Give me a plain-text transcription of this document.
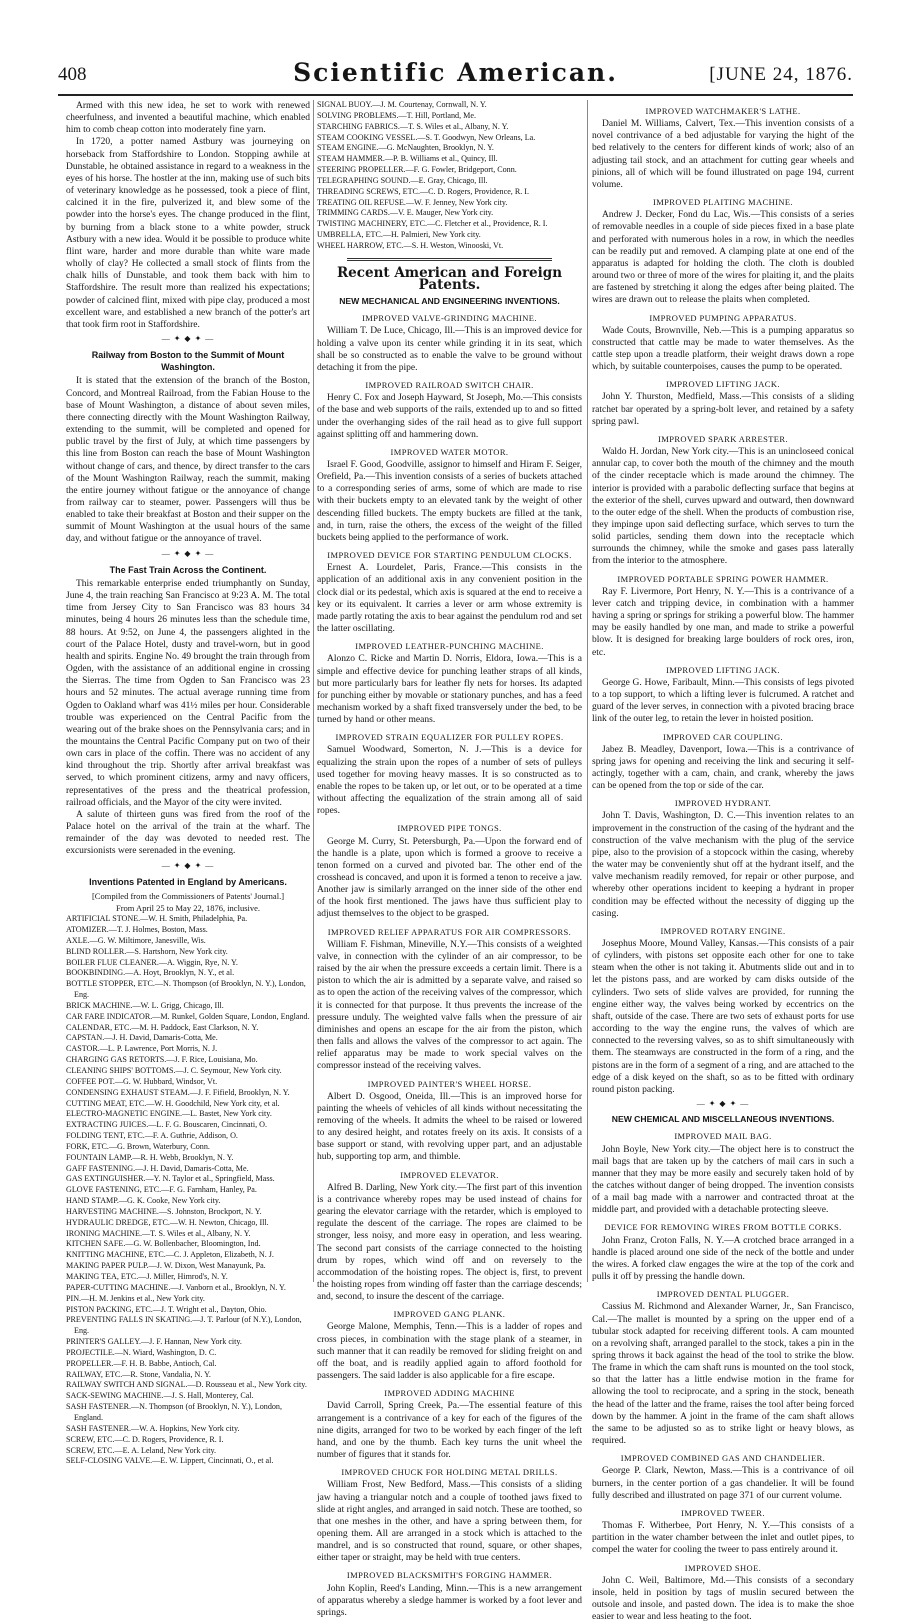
408	Scientific American.	[JUNE 24, 1876.

Armed with this new idea, he set to work with renewed cheerfulness, and invented a beautiful machine, which enabled him to comb cheap cotton into moderately fine yarn.

In 1720, a potter named Astbury was journeying on horseback from Staffordshire to London. Stopping awhile at Dunstable, he obtained assistance in regard to a weakness in the eyes of his horse. The hostler at the inn, making use of such bits of veterinary knowledge as he possessed, took a piece of flint, calcined it in the fire, pulverized it, and blew some of the powder into the horse's eyes. The change produced in the flint, by burning from a black stone to a white powder, struck Astbury with a new idea. Would it be possible to produce white flint ware, harder and more durable than white ware made wholly of clay? He collected a small stock of flints from the chalk hills of Dunstable, and took them back with him to Staffordshire. The result more than realized his expectations; powder of calcined flint, mixed with pipe clay, produced a most excellent ware, and established a new branch of the potter's art that took firm root in Staffordshire.

— ✦ ◆ ✦ —
Railway from Boston to the Summit of Mount Washington.

It is stated that the extension of the branch of the Boston, Concord, and Montreal Railroad, from the Fabian House to the base of Mount Washington, a distance of about seven miles, there connecting directly with the Mount Washington Railway, extending to the summit, will be completed and opened for public travel by the first of July, at which time passengers by this line from Boston can reach the base of Mount Washington without change of cars, and thence, by direct transfer to the cars of the Mount Washington Railway, reach the summit, making the entire journey without fatigue or the annoyance of change from railway car to steamer, power. Passengers will thus be enabled to take their breakfast at Boston and their supper on the summit of Mount Washington at the usual hours of the same day, and without fatigue or the annoyance of travel.

— ✦ ◆ ✦ —
The Fast Train Across the Continent.

This remarkable enterprise ended triumphantly on Sunday, June 4, the train reaching San Francisco at 9:23 A. M. The total time from Jersey City to San Francisco was 83 hours 34 minutes, being 4 hours 26 minutes less than the schedule time, 88 hours. At 9:52, on June 4, the passengers alighted in the court of the Palace Hotel, dusty and travel-worn, but in good health and spirits. Engine No. 49 brought the train through from Ogden, with the assistance of an additional engine in crossing the Sierras. The time from Ogden to San Francisco was 23 hours and 52 minutes. The actual average running time from Ogden to Oakland wharf was 41½ miles per hour. Considerable trouble was experienced on the Central Pacific from the wearing out of the brake shoes on the Pennsylvania cars; and in the mountains the Central Pacific Company put on two of their own cars in place of the coffin. There was no accident of any kind throughout the trip. Shortly after arrival breakfast was served, to which prominent citizens, army and navy officers, representatives of the press and the theatrical profession, railroad officials, and the Mayor of the city were invited.

A salute of thirteen guns was fired from the roof of the Palace hotel on the arrival of the train at the wharf. The remainder of the day was devoted to needed rest. The excursionists were serenaded in the evening.

— ✦ ◆ ✦ —
Inventions Patented in England by Americans.
[Compiled from the Commissioners of Patents' Journal.]
From April 25 to May 22, 1876, inclusive.
ARTIFICIAL STONE.—W. H. Smith, Philadelphia, Pa.
ATOMIZER.—T. J. Holmes, Boston, Mass.
AXLE.—G. W. Miltimore, Janesville, Wis.
BLIND ROLLER.—S. Hartshorn, New York city.
BOILER FLUE CLEANER.—A. Wiggin, Rye, N. Y.
BOOKBINDING.—A. Hoyt, Brooklyn, N. Y., et al.
BOTTLE STOPPER, ETC.—N. Thompson (of Brooklyn, N. Y.), London, Eng.
BRICK MACHINE.—W. L. Grigg, Chicago, Ill.
CAR FARE INDICATOR.—M. Runkel, Golden Square, London, England.
CALENDAR, ETC.—M. H. Paddock, East Clarkson, N. Y.
CAPSTAN.—J. H. David, Damaris-Cotta, Me.
CASTOR.—L. P. Lawrence, Port Morris, N. J.
CHARGING GAS RETORTS.—J. F. Rice, Louisiana, Mo.
CLEANING SHIPS' BOTTOMS.—J. C. Seymour, New York city.
COFFEE POT.—G. W. Hubbard, Windsor, Vt.
CONDENSING EXHAUST STEAM.—J. F. Fifield, Brooklyn, N. Y.
CUTTING MEAT, ETC.—W. H. Goodchild, New York city, et al.
ELECTRO-MAGNETIC ENGINE.—L. Bastet, New York city.
EXTRACTING JUICES.—L. F. G. Bouscaren, Cincinnati, O.
FOLDING TENT, ETC.—F. A. Guthrie, Addison, O.
FORK, ETC.—G. Brown, Waterbury, Conn.
FOUNTAIN LAMP.—R. H. Webb, Brooklyn, N. Y.
GAFF FASTENING.—J. H. David, Damaris-Cotta, Me.
GAS EXTINGUISHER.—Y. N. Taylor et al., Springfield, Mass.
GLOVE FASTENING, ETC.—F. G. Farnham, Hanley, Pa.
HAND STAMP.—G. K. Cooke, New York city.
HARVESTING MACHINE.—S. Johnston, Brockport, N. Y.
HYDRAULIC DREDGE, ETC.—W. H. Newton, Chicago, Ill.
IRONING MACHINE.—T. S. Wiles et al., Albany, N. Y.
KITCHEN SAFE.—G. W. Bollenbacher, Bloomington, Ind.
KNITTING MACHINE, ETC.—C. J. Appleton, Elizabeth, N. J.
MAKING PAPER PULP.—J. W. Dixon, West Manayunk, Pa.
MAKING TEA, ETC.—J. Miller, Himrod's, N. Y.
PAPER-CUTTING MACHINE.—J. Vanborn et al., Brooklyn, N. Y.
PIN.—H. M. Jenkins et al., New York city.
PISTON PACKING, ETC.—J. T. Wright et al., Dayton, Ohio.
PREVENTING FALLS IN SKATING.—J. T. Parlour (of N.Y.), London, Eng.
PRINTER'S GALLEY.—J. F. Hannan, New York city.
PROJECTILE.—N. Wiard, Washington, D. C.
PROPELLER.—F. H. B. Babbe, Antioch, Cal.
RAILWAY, ETC.—R. Stone, Vandalia, N. Y.
RAILWAY SWITCH AND SIGNAL.—D. Rousseau et al., New York city.
SACK-SEWING MACHINE.—J. S. Hall, Monterey, Cal.
SASH FASTENER.—N. Thompson (of Brooklyn, N. Y.), London, England.
SASH FASTENER.—W. A. Hopkins, New York city.
SCREW, ETC.—C. D. Rogers, Providence, R. I.
SCREW, ETC.—E. A. Leland, New York city.
SELF-CLOSING VALVE.—E. W. Lippert, Cincinnati, O., et al.
SIGNAL BUOY.—J. M. Courtenay, Cornwall, N. Y.
SOLVING PROBLEMS.—T. Hill, Portland, Me.
STARCHING FABRICS.—T. S. Wiles et al., Albany, N. Y.
STEAM COOKING VESSEL.—S. T. Goodwyn, New Orleans, La.
STEAM ENGINE.—G. McNaughten, Brooklyn, N. Y.
STEAM HAMMER.—P. B. Williams et al., Quincy, Ill.
STEERING PROPELLER.—F. G. Fowler, Bridgeport, Conn.
TELEGRAPHING SOUND.—E. Gray, Chicago, Ill.
THREADING SCREWS, ETC.—C. D. Rogers, Providence, R. I.
TREATING OIL REFUSE.—W. F. Jenney, New York city.
TRIMMING CARDS.—V. E. Mauger, New York city.
TWISTING MACHINERY, ETC.—C. Fletcher et al., Providence, R. I.
UMBRELLA, ETC.—H. Palmieri, New York city.
WHEEL HARROW, ETC.—S. H. Weston, Winooski, Vt.
Recent American and Foreign Patents.
NEW MECHANICAL AND ENGINEERING INVENTIONS.
IMPROVED VALVE-GRINDING MACHINE.

William T. De Luce, Chicago, Ill.—This is an improved device for holding a valve upon its center while grinding it in its seat, which shall be so constructed as to enable the valve to be ground without detaching it from the pipe.

IMPROVED RAILROAD SWITCH CHAIR.

Henry C. Fox and Joseph Hayward, St Joseph, Mo.—This consists of the base and web supports of the rails, extended up to and so fitted under the overhanging sides of the rail head as to give full support against splitting off and hammering down.

IMPROVED WATER MOTOR.

Israel F. Good, Goodville, assignor to himself and Hiram F. Seiger, Orefield, Pa.—This invention consists of a series of buckets attached to a corresponding series of arms, some of which are made to rise with their buckets empty to an elevated tank by the weight of other descending filled buckets. The empty buckets are filled at the tank, and, in turn, raise the others, the excess of the weight of the filled buckets being applied to the performance of work.

IMPROVED DEVICE FOR STARTING PENDULUM CLOCKS.

Ernest A. Lourdelet, Paris, France.—This consists in the application of an additional axis in any convenient position in the clock dial or its pedestal, which axis is squared at the end to receive a key or its equivalent. It carries a lever or arm whose extremity is made partly rotating the axis to bear against the pendulum rod and set the latter oscillating.

IMPROVED LEATHER-PUNCHING MACHINE.

Alonzo C. Ricke and Martin D. Norris, Eldora, Iowa.—This is a simple and effective device for punching leather straps of all kinds, but more particularly bars for leather fly nets for horses. Its adapted for punching either by movable or stationary punches, and has a feed mechanism worked by a shaft fixed transversely under the bed, to be turned by hand or other means.

IMPROVED STRAIN EQUALIZER FOR PULLEY ROPES.

Samuel Woodward, Somerton, N. J.—This is a device for equalizing the strain upon the ropes of a number of sets of pulleys used together for moving heavy masses. It is so constructed as to enable the ropes to be taken up, or let out, or to be operated at a time without affecting the equalization of the strain among all of said ropes.

IMPROVED PIPE TONGS.

George M. Curry, St. Petersburgh, Pa.—Upon the forward end of the handle is a plate, upon which is formed a groove to receive a tenon formed on a curved and pivoted bar. The other end of the crosshead is concaved, and upon it is formed a tenon to receive a jaw. Another jaw is similarly arranged on the inner side of the other end of the hook first mentioned. The jaws have thus sufficient play to adjust themselves to the object to be grasped.

IMPROVED RELIEF APPARATUS FOR AIR COMPRESSORS.

William F. Fishman, Mineville, N.Y.—This consists of a weighted valve, in connection with the cylinder of an air compressor, to be raised by the air when the pressure exceeds a certain limit. There is a piston to which the air is admitted by a separate valve, and raised so as to open the action of the receiving valves of the compressor, which it is connected for that purpose. It thus prevents the increase of the pressure unduly. The weighted valve falls when the pressure of air diminishes and opens an escape for the air from the piston, which then falls and allows the valves of the compressor to act again. The relief apparatus may be made to work special valves on the compressor instead of the receiving valves.

IMPROVED PAINTER'S WHEEL HORSE.

Albert D. Osgood, Oneida, Ill.—This is an improved horse for painting the wheels of vehicles of all kinds without necessitating the removing of the wheels. It admits the wheel to be raised or lowered to any desired height, and rotates freely on its axis. It consists of a base support or stand, with revolving upper part, and an adjustable hub, supporting top arm, and thimble.

IMPROVED ELEVATOR.

Alfred B. Darling, New York city.—The first part of this invention is a contrivance whereby ropes may be used instead of chains for gearing the elevator carriage with the retarder, which is employed to regulate the descent of the carriage. The ropes are claimed to be stronger, less noisy, and more easy in operation, and less wearing. The second part consists of the carriage connected to the hoisting drum by ropes, which wind off and on reversely to the accommodation of the hoisting ropes. The object is, first, to prevent the hoisting ropes from winding off faster than the carriage descends; and, second, to insure the descent of the carriage.

IMPROVED GANG PLANK.

George Malone, Memphis, Tenn.—This is a ladder of ropes and cross pieces, in combination with the stage plank of a steamer, in such manner that it can readily be removed for sliding freight on and off the boat, and is readily applied again to afford foothold for passengers. The said ladder is also applicable for a fire escape.

IMPROVED ADDING MACHINE

David Carroll, Spring Creek, Pa.—The essential feature of this arrangement is a contrivance of a key for each of the figures of the nine digits, arranged for two to be worked by each finger of the left hand, and one by the thumb. Each key turns the unit wheel the number of figures that it stands for.

IMPROVED CHUCK FOR HOLDING METAL DRILLS.

William Frost, New Bedford, Mass.—This consists of a sliding jaw having a triangular notch and a couple of toothed jaws fixed to slide at right angles, and arranged in said notch. These are toothed, so that one meshes in the other, and have a spring between them, for opening them. All are arranged in a stock which is attached to the mandrel, and is so constructed that round, square, or other shapes, either taper or straight, may be held with true centers.

IMPROVED BLACKSMITH'S FORGING HAMMER.

John Koplin, Reed's Landing, Minn.—This is a new arrangement of apparatus whereby a sledge hammer is worked by a foot lever and springs.

IMPROVED WATCHMAKER'S LATHE.

Daniel M. Williams, Calvert, Tex.—This invention consists of a novel contrivance of a bed adjustable for varying the hight of the bed relatively to the centers for different kinds of work; also of an adjusting tail stock, and an attachment for cutting gear wheels and pinions, all of which will be found illustrated on page 194, current volume.

IMPROVED PLAITING MACHINE.

Andrew J. Decker, Fond du Lac, Wis.—This consists of a series of removable needles in a couple of side pieces fixed in a base plate and perforated with numerous holes in a row, in which the needles can be readily put and removed. A clamping plate at one end of the apparatus is adapted for holding the cloth. The cloth is doubled around two or three of more of the wires for plaiting it, and the plaits are fastened by stretching it along the edges after being plaited. The wires are drawn out to release the plaits when completed.

IMPROVED PUMPING APPARATUS.

Wade Couts, Brownville, Neb.—This is a pumping apparatus so constructed that cattle may be made to water themselves. As the cattle step upon a treadle platform, their weight draws down a rope which, by suitable counterpoises, causes the pump to be operated.

IMPROVED LIFTING JACK.

John Y. Thurston, Medfield, Mass.—This consists of a sliding ratchet bar operated by a spring-bolt lever, and retained by a safety spring pawl.

IMPROVED SPARK ARRESTER.

Waldo H. Jordan, New York city.—This is an unincloseed conical annular cap, to cover both the mouth of the chimney and the mouth of the cinder receptacle which is made around the chimney. The interior is provided with a parabolic deflecting surface that begins at the exterior of the shell, curves upward and outward, then downward to the outer edge of the shell. When the products of combustion rise, they impinge upon said deflecting surface, which serves to turn the solid particles, sending them down into the receptacle which surrounds the chimney, while the smoke and gases pass laterally from the interior to the atmosphere.

IMPROVED PORTABLE SPRING POWER HAMMER.

Ray F. Livermore, Port Henry, N. Y.—This is a contrivance of a lever catch and tripping device, in combination with a hammer having a spring or springs for striking a powerful blow. The hammer may be easily handled by one man, and made to strike a powerful blow. It is designed for breaking large boulders of rock ores, iron, etc.

IMPROVED LIFTING JACK.

George G. Howe, Faribault, Minn.—This consists of legs pivoted to a top support, to which a lifting lever is fulcrumed. A ratchet and guard of the lever serves, in connection with a pivoted bracing brace link of the outer leg, to retain the lever in hoisted position.

IMPROVED CAR COUPLING.

Jabez B. Meadley, Davenport, Iowa.—This is a contrivance of spring jaws for opening and receiving the link and securing it self-actingly, together with a cam, chain, and crank, whereby the jaws can be opened from the top or side of the car.

IMPROVED HYDRANT.

John T. Davis, Washington, D. C.—This invention relates to an improvement in the construction of the casing of the hydrant and the construction of the valve mechanism with the plug of the service pipe, also to the provision of a stopcock within the casing, whereby the water may be conveniently shut off at the hydrant itself, and the valve mechanism readily removed, for repair or other purpose, and whereby other operations incident to keeping a hydrant in proper condition may be effected without the necessity of digging up the casing.

IMPROVED ROTARY ENGINE.

Josephus Moore, Mound Valley, Kansas.—This consists of a pair of cylinders, with pistons set opposite each other for one to take steam when the other is not taking it. Abutments slide out and in to let the pistons pass, and are worked by cam disks outside of the cylinders. Two sets of slide valves are provided, for running the engine either way, the valves being worked by eccentrics on the shaft, outside of the case. There are two sets of exhaust ports for use according to the way the engine runs, the valves of which are connected to the reversing valves, so as to shift simultaneously with them. The steamways are constructed in the form of a ring, and the pistons are in the form of a segment of a ring, and are attached to the edge of a disk keyed on the shaft, so as to be fitted with ordinary round piston packing.

— ✦ ◆ ✦ —
NEW CHEMICAL AND MISCELLANEOUS INVENTIONS.
IMPROVED MAIL BAG.

John Boyle, New York city.—The object here is to construct the mail bags that are taken up by the catchers of mail cars in such a manner that they may be more easily and securely taken hold of by the catches without danger of being dropped. The invention consists of a mail bag made with a narrower and contracted throat at the middle part, and provided with a detachable protecting sleeve.

DEVICE FOR REMOVING WIRES FROM BOTTLE CORKS.

John Franz, Croton Falls, N. Y.—A crotched brace arranged in a handle is placed around one side of the neck of the bottle and under the wires. A forked claw engages the wire at the top of the cork and pulls it off by pressing the handle down.

IMPROVED DENTAL PLUGGER.

Cassius M. Richmond and Alexander Warner, Jr., San Francisco, Cal.—The mallet is mounted by a spring on the upper end of a tubular stock adapted for receiving different tools. A cam mounted on a revolving shaft, arranged parallel to the stock, takes a pin in the spring throws it back against the head of the tool to strike the blow. The frame in which the cam shaft runs is mounted on the tool stock, so that the latter has a little endwise motion in the frame for allowing the tool to reciprocate, and a spring in the stock, beneath the head of the latter and the frame, raises the tool after being forced down by the hammer. A joint in the frame of the cam shaft allows the same to be adjusted so as to strike light or heavy blows, as required.

IMPROVED COMBINED GAS AND CHANDELIER.

George P. Clark, Newton, Mass.—This is a contrivance of oil burners, in the center portion of a gas chandelier. It will be found fully described and illustrated on page 371 of our current volume.

IMPROVED TWEER.

Thomas F. Witherbee, Port Henry, N. Y.—This consists of a partition in the water chamber between the inlet and outlet pipes, to compel the water for cooling the tweer to pass entirely around it.

IMPROVED SHOE.

John C. Weil, Baltimore, Md.—This consists of a secondary insole, held in position by tags of muslin secured between the outsole and insole, and pasted down. The idea is to make the shoe easier to wear and less heating to the foot.
